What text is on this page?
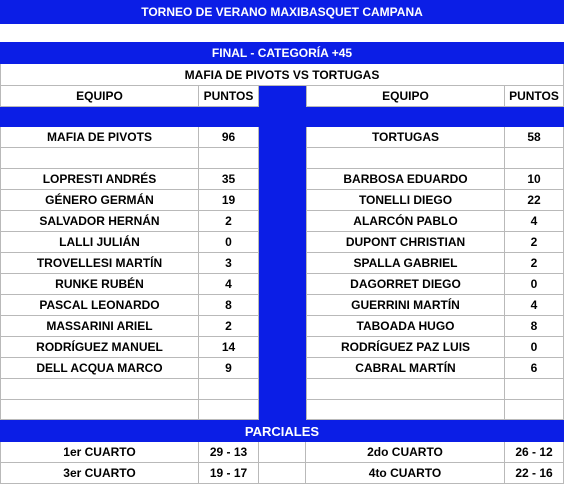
TORNEO DE VERANO MAXIBASQUET CAMPANA
FINAL - CATEGORÍA +45
MAFIA DE PIVOTS VS TORTUGAS
EQUIPO	PUNTOS	EQUIPO	PUNTOS
MAFIA DE PIVOTS	96	TORTUGAS	58
LOPRESTI ANDRÉS	35	BARBOSA EDUARDO	10
GÉNERO GERMÁN	19	TONELLI DIEGO	22
SALVADOR HERNÁN	2	ALARCÓN PABLO	4
LALLI JULIÁN	0	DUPONT CHRISTIAN	2
TROVELLESI MARTÍN	3	SPALLA GABRIEL	2
RUNKE RUBÉN	4	DAGORRET DIEGO	0
PASCAL LEONARDO	8	GUERRINI MARTÍN	4
MASSARINI ARIEL	2	TABOADA HUGO	8
RODRÍGUEZ MANUEL	14	RODRÍGUEZ PAZ LUIS	0
DELL ACQUA MARCO	9	CABRAL MARTÍN	6
PARCIALES
1er CUARTO	29 - 13	2do CUARTO	26 - 12
3er CUARTO	19 - 17	4to CUARTO	22 - 16
